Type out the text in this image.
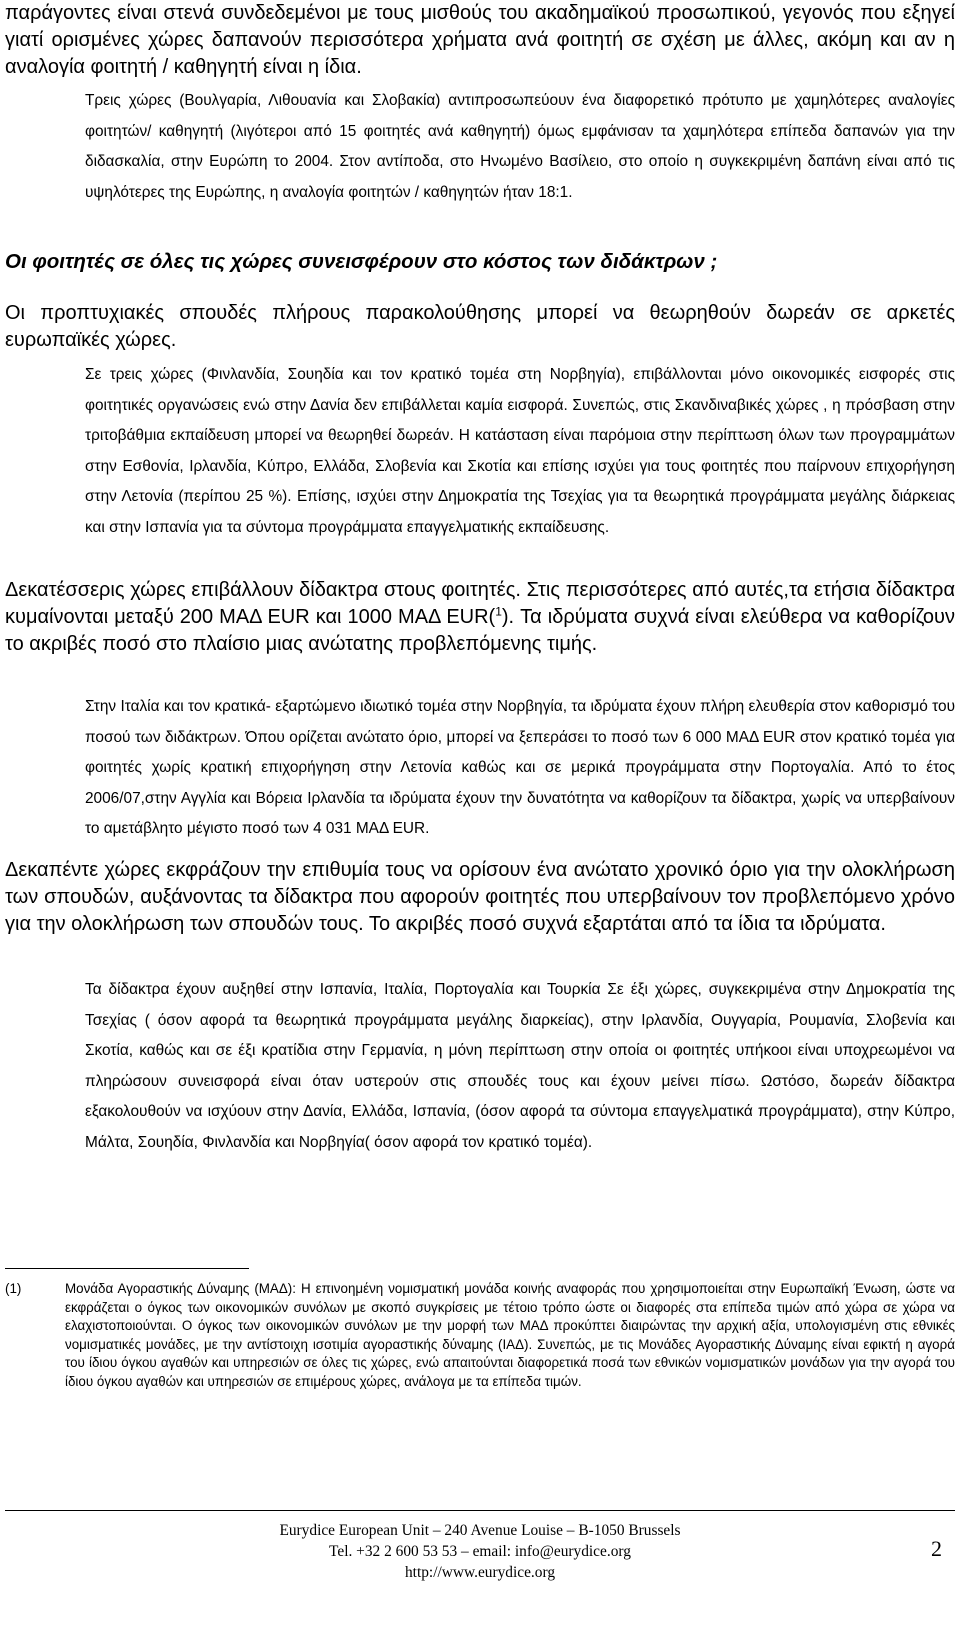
παράγοντες είναι στενά συνδεδεμένοι με τους μισθούς του ακαδημαϊκού προσωπικού, γεγονός που εξηγεί γιατί ορισμένες χώρες δαπανούν περισσότερα χρήματα ανά φοιτητή σε σχέση με άλλες, ακόμη και αν η αναλογία φοιτητή / καθηγητή είναι η ίδια.

Τρεις χώρες (Βουλγαρία, Λιθουανία και Σλοβακία) αντιπροσωπεύουν ένα διαφορετικό πρότυπο με χαμηλότερες αναλογίες φοιτητών/ καθηγητή (λιγότεροι από 15 φοιτητές ανά καθηγητή) όμως εμφάνισαν τα χαμηλότερα επίπεδα δαπανών για την διδασκαλία, στην Ευρώπη το 2004. Στον αντίποδα, στο Ηνωμένο Βασίλειο, στο οποίο η συγκεκριμένη δαπάνη είναι από τις υψηλότερες της Ευρώπης, η αναλογία φοιτητών / καθηγητών ήταν 18:1.

Οι φοιτητές σε όλες τις χώρες συνεισφέρουν στο κόστος των διδάκτρων ;

Οι προπτυχιακές σπουδές πλήρους παρακολούθησης μπορεί να θεωρηθούν δωρεάν σε αρκετές ευρωπαϊκές χώρες.

Σε τρεις χώρες (Φινλανδία, Σουηδία και τον κρατικό τομέα στη Νορβηγία), επιβάλλονται μόνο οικονομικές εισφορές στις φοιτητικές οργανώσεις ενώ στην Δανία δεν επιβάλλεται καμία εισφορά. Συνεπώς, στις Σκανδιναβικές χώρες , η πρόσβαση στην τριτοβάθμια εκπαίδευση μπορεί να θεωρηθεί δωρεάν. Η κατάσταση είναι παρόμοια στην περίπτωση όλων των προγραμμάτων στην Εσθονία, Ιρλανδία, Κύπρο, Ελλάδα, Σλοβενία και Σκοτία και επίσης ισχύει για τους φοιτητές που παίρνουν επιχορήγηση στην Λετονία (περίπου 25 %). Επίσης, ισχύει στην Δημοκρατία της Τσεχίας για τα θεωρητικά προγράμματα μεγάλης διάρκειας και στην Ισπανία για τα σύντομα προγράμματα επαγγελματικής εκπαίδευσης.

Δεκατέσσερις χώρες επιβάλλουν δίδακτρα στους φοιτητές. Στις περισσότερες από αυτές,τα ετήσια δίδακτρα κυμαίνονται μεταξύ 200 ΜΑΔ EUR και 1000 ΜΑΔ EUR($^1$). Τα ιδρύματα συχνά είναι ελεύθερα να καθορίζουν το ακριβές ποσό στο πλαίσιο μιας ανώτατης προβλεπόμενης τιμής.

Στην Ιταλία και τον κρατικά- εξαρτώμενο ιδιωτικό τομέα στην Νορβηγία, τα ιδρύματα έχουν πλήρη ελευθερία στον καθορισμό του ποσού των διδάκτρων. Όπου ορίζεται ανώτατο όριο, μπορεί να ξεπεράσει το ποσό των 6 000 ΜΑΔ EUR στον κρατικό τομέα για φοιτητές χωρίς κρατική επιχορήγηση στην Λετονία καθώς και σε μερικά προγράμματα στην Πορτογαλία. Από το έτος 2006/07,στην Αγγλία και Βόρεια Ιρλανδία τα ιδρύματα έχουν την δυνατότητα να καθορίζουν τα δίδακτρα, χωρίς να υπερβαίνουν το αμετάβλητο μέγιστο ποσό των 4 031 ΜΑΔ EUR.

Δεκαπέντε χώρες εκφράζουν την επιθυμία τους να ορίσουν ένα ανώτατο χρονικό όριο για την ολοκλήρωση των σπουδών, αυξάνοντας τα δίδακτρα που αφορούν φοιτητές που υπερβαίνουν τον προβλεπόμενο χρόνο για την ολοκλήρωση των σπουδών τους. Το ακριβές ποσό συχνά εξαρτάται από τα ίδια τα ιδρύματα.

Τα δίδακτρα έχουν αυξηθεί στην Ισπανία, Ιταλία, Πορτογαλία και Τουρκία Σε έξι χώρες, συγκεκριμένα στην Δημοκρατία της Τσεχίας ( όσον αφορά τα θεωρητικά προγράμματα μεγάλης διαρκείας), στην Ιρλανδία, Ουγγαρία, Ρουμανία, Σλοβενία και Σκοτία, καθώς και σε έξι κρατίδια στην Γερμανία, η μόνη περίπτωση στην οποία οι φοιτητές υπήκοοι είναι υποχρεωμένοι να πληρώσουν συνεισφορά είναι όταν υστερούν στις σπουδές τους και έχουν μείνει πίσω. Ωστόσο, δωρεάν δίδακτρα εξακολουθούν να ισχύουν στην Δανία, Ελλάδα, Ισπανία, (όσον αφορά τα σύντομα επαγγελματικά προγράμματα), στην Κύπρο, Μάλτα, Σουηδία, Φινλανδία και Νορβηγία( όσον αφορά τον κρατικό τομέα).

(1)	Μονάδα Αγοραστικής Δύναμης (ΜΑΔ): Η επινοημένη νομισματική μονάδα κοινής αναφοράς που χρησιμοποιείται στην Ευρωπαϊκή Ένωση, ώστε να εκφράζεται ο όγκος των οικονομικών συνόλων με σκοπό συγκρίσεις με τέτοιο τρόπο ώστε οι διαφορές στα επίπεδα τιμών από χώρα σε χώρα να ελαχιστοποιούνται. Ο όγκος των οικονομικών συνόλων με την μορφή των ΜΑΔ προκύπτει διαιρώντας την αρχική αξία, υπολογισμένη στις εθνικές νομισματικές μονάδες, με την αντίστοιχη ισοτιμία αγοραστικής δύναμης (ΙΑΔ). Συνεπώς, με τις Μονάδες Αγοραστικής Δύναμης είναι εφικτή η αγορά του ίδιου όγκου αγαθών και υπηρεσιών σε όλες τις χώρες, ενώ απαιτούνται διαφορετικά ποσά των εθνικών νομισματικών μονάδων για την αγορά του ίδιου όγκου αγαθών και υπηρεσιών σε επιμέρους χώρες, ανάλογα με τα επίπεδα τιμών.
Eurydice European Unit – 240 Avenue Louise – B-1050 Brussels
Tel. +32 2 600 53 53 – email: info@eurydice.org
http://www.eurydice.org
2
